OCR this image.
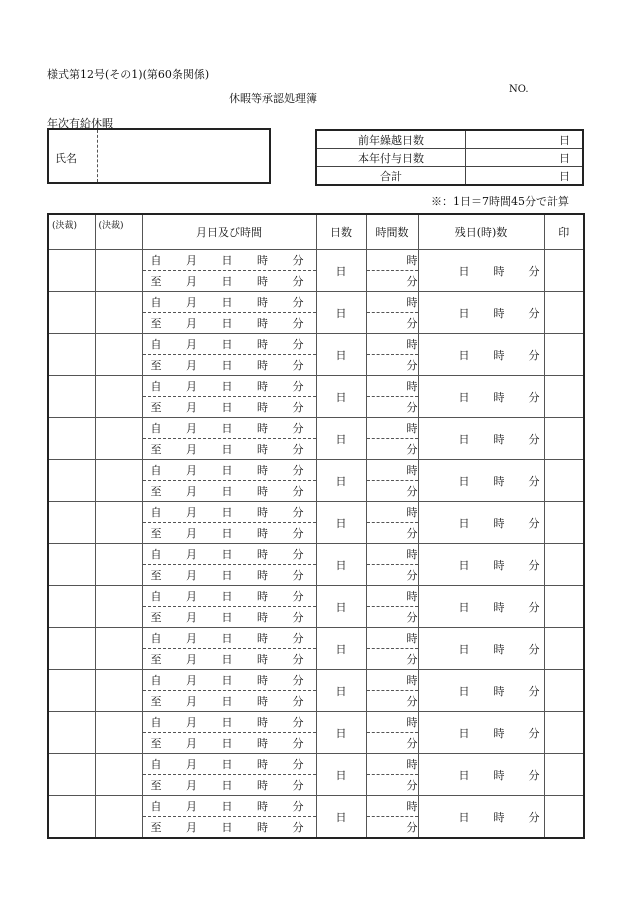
様式第12号(その1)(第60条関係)
休暇等承認処理簿
NO.
年次有給休暇
氏名
前年繰越日数	日
本年付与日数	日
合計	日
※：1日＝7時間45分で計算
(決裁)	(決裁)	月日及び時間	日数	時間数	残日(時)数	印

		自 月 日 時 分	日	時	日 時 分	

		至 月 日 時 分		分		

		自 月 日 時 分	日	時	日 時 分	

		至 月 日 時 分		分		

		自 月 日 時 分	日	時	日 時 分	

		至 月 日 時 分		分		

		自 月 日 時 分	日	時	日 時 分	

		至 月 日 時 分		分		

		自 月 日 時 分	日	時	日 時 分	

		至 月 日 時 分		分		

		自 月 日 時 分	日	時	日 時 分	

		至 月 日 時 分		分		

		自 月 日 時 分	日	時	日 時 分	

		至 月 日 時 分		分		

		自 月 日 時 分	日	時	日 時 分	

		至 月 日 時 分		分		

		自 月 日 時 分	日	時	日 時 分	

		至 月 日 時 分		分		

		自 月 日 時 分	日	時	日 時 分	

		至 月 日 時 分		分		

		自 月 日 時 分	日	時	日 時 分	

		至 月 日 時 分		分		

		自 月 日 時 分	日	時	日 時 分	

		至 月 日 時 分		分		

		自 月 日 時 分	日	時	日 時 分	

		至 月 日 時 分		分		

		自 月 日 時 分	日	時	日 時 分	

		至 月 日 時 分		分		
